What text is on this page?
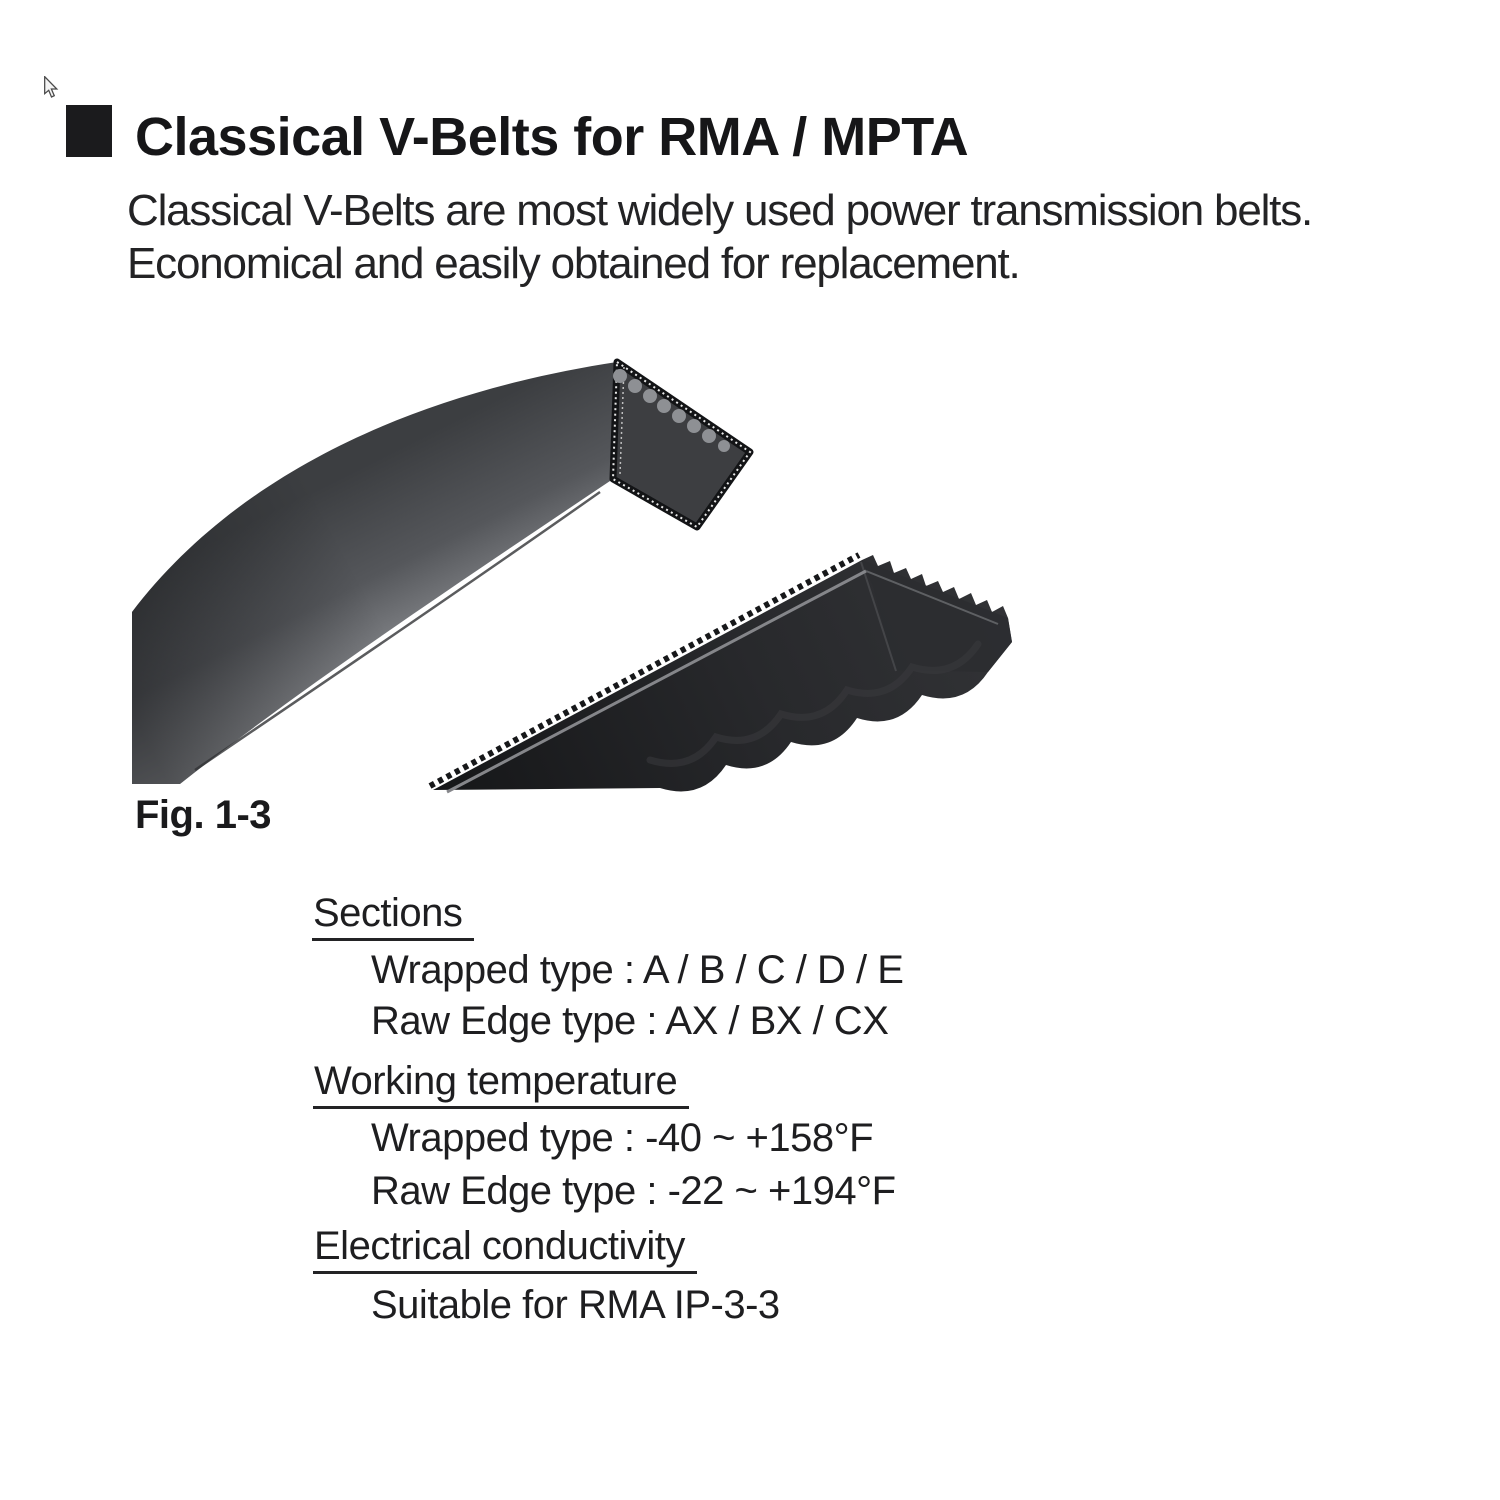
Classical V-Belts for RMA / MPTA
Classical V-Belts are most widely used power transmission belts.
Economical and easily obtained for replacement.
Fig. 1-3
Sections
Wrapped type : A / B / C / D / E
Raw Edge type : AX / BX / CX
Working temperature
Wrapped type : -40 ~ +158°F
Raw Edge type : -22 ~ +194°F
Electrical conductivity
Suitable for RMA IP-3-3
